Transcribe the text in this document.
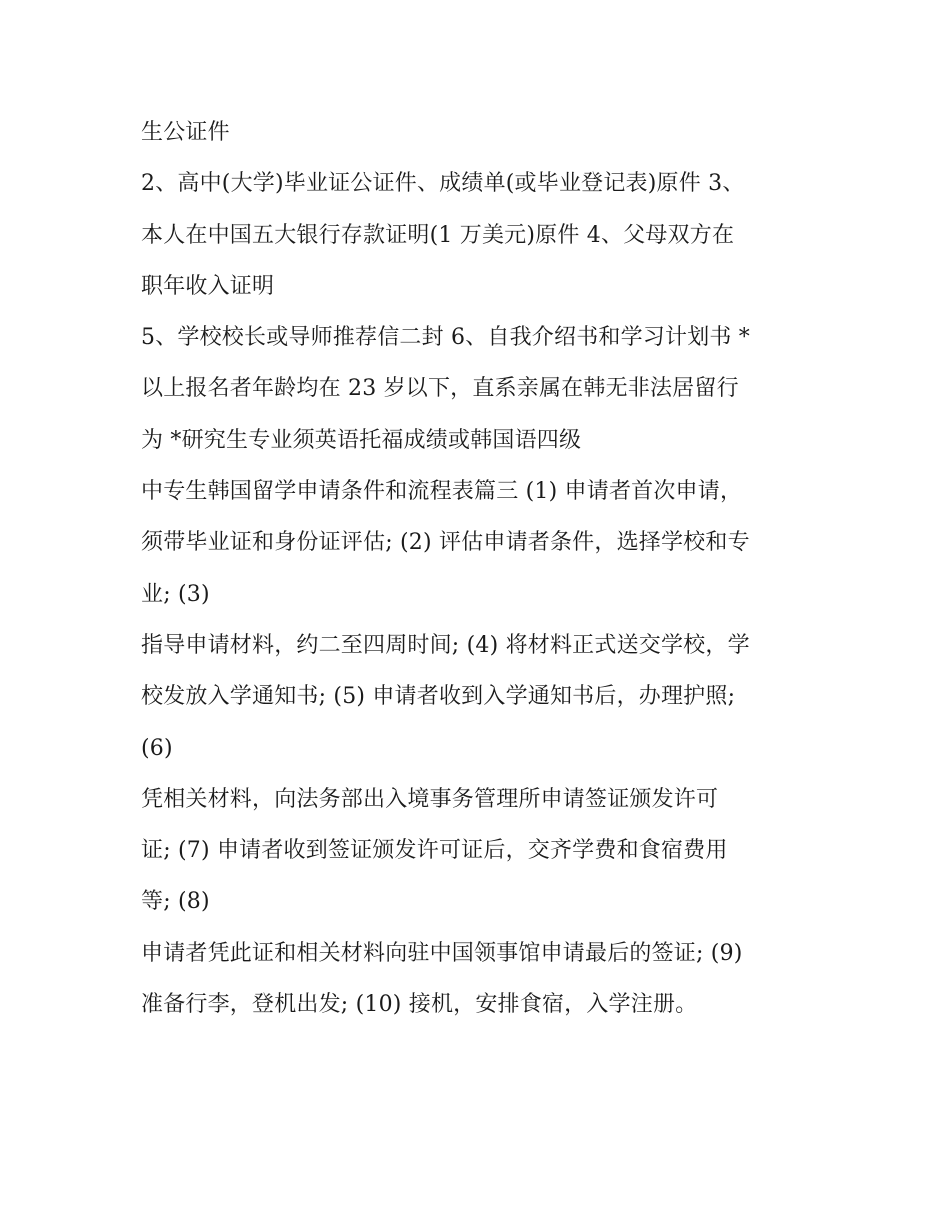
生公证件
2、高中(大学)毕业证公证件、成绩单(或毕业登记表)原件 3、
本人在中国五大银行存款证明(1 万美元)原件 4、父母双方在
职年收入证明
5、学校校长或导师推荐信二封 6、自我介绍书和学习计划书 *
以上报名者年龄均在 23 岁以下，直系亲属在韩无非法居留行
为 *研究生专业须英语托福成绩或韩国语四级
中专生韩国留学申请条件和流程表篇三 (1) 申请者首次申请，
须带毕业证和身份证评估; (2) 评估申请者条件，选择学校和专
业; (3)
指导申请材料，约二至四周时间; (4) 将材料正式送交学校，学
校发放入学通知书; (5) 申请者收到入学通知书后，办理护照;
(6)
凭相关材料，向法务部出入境事务管理所申请签证颁发许可
证; (7) 申请者收到签证颁发许可证后，交齐学费和食宿费用
等; (8)
申请者凭此证和相关材料向驻中国领事馆申请最后的签证; (9)
准备行李，登机出发; (10) 接机，安排食宿，入学注册。
